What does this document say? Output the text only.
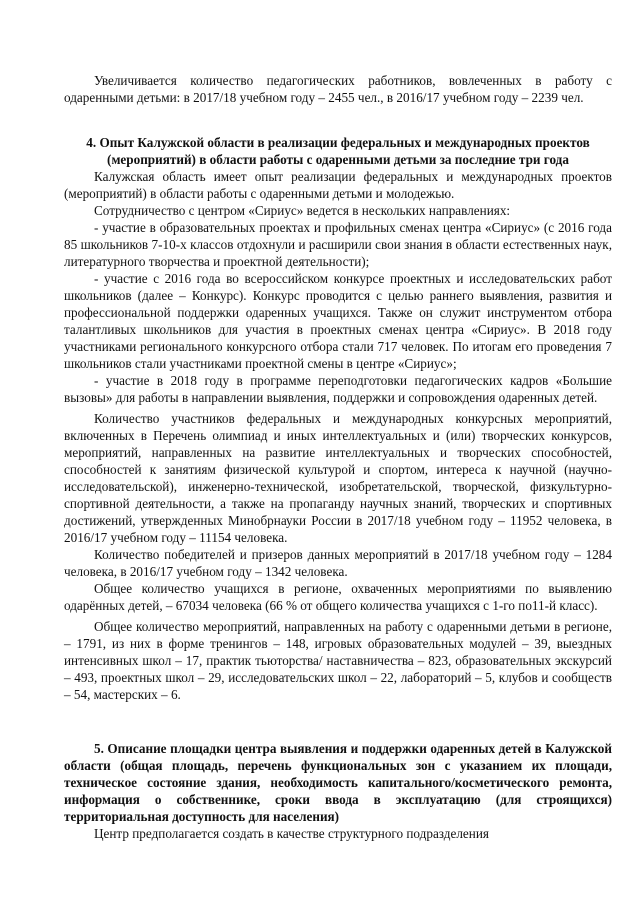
Увеличивается количество педагогических работников, вовлеченных в работу с одаренными детьми: в 2017/18 учебном году – 2455 чел., в 2016/17 учебном году – 2239 чел.

4. Опыт Калужской области в реализации федеральных и международных проектов (мероприятий) в области работы с одаренными детьми за последние три года

Калужская область имеет опыт реализации федеральных и международных проектов (мероприятий) в области работы с одаренными детьми и молодежью.

Сотрудничество с центром «Сириус» ведется в нескольких направлениях:

- участие в образовательных проектах и профильных сменах центра «Сириус» (с 2016 года 85 школьников 7-10-х классов отдохнули и расширили свои знания в области естественных наук, литературного творчества и проектной деятельности);

- участие с 2016 года во всероссийском конкурсе проектных и исследовательских работ школьников (далее – Конкурс). Конкурс проводится с целью раннего выявления, развития и профессиональной поддержки одаренных учащихся. Также он служит инструментом отбора талантливых школьников для участия в проектных сменах центра «Сириус». В 2018 году участниками регионального конкурсного отбора стали 717 человек. По итогам его проведения 7 школьников стали участниками проектной смены в центре «Сириус»;

- участие в 2018 году в программе переподготовки педагогических кадров «Большие вызовы» для работы в направлении выявления, поддержки и сопровождения одаренных детей.

Количество участников федеральных и международных конкурсных мероприятий, включенных в Перечень олимпиад и иных интеллектуальных и (или) творческих конкурсов, мероприятий, направленных на развитие интеллектуальных и творческих способностей, способностей к занятиям физической культурой и спортом, интереса к научной (научно-исследовательской), инженерно-технической, изобретательской, творческой, физкультурно-спортивной деятельности, а также на пропаганду научных знаний, творческих и спортивных достижений, утвержденных Минобрнауки России в 2017/18 учебном году – 11952 человека, в 2016/17 учебном году – 11154 человека.

Количество победителей и призеров данных мероприятий в 2017/18 учебном году – 1284 человека, в 2016/17 учебном году – 1342 человека.

Общее количество учащихся в регионе, охваченных мероприятиями по выявлению одарённых детей, – 67034 человека (66 % от общего количества учащихся с 1-го по11-й класс).

Общее количество мероприятий, направленных на работу с одаренными детьми в регионе, – 1791, из них в форме тренингов – 148, игровых образовательных модулей – 39, выездных интенсивных школ – 17, практик тьюторства/ наставничества – 823, образовательных экскурсий – 493, проектных школ – 29, исследовательских школ – 22, лабораторий – 5, клубов и сообществ – 54, мастерских – 6.

5. Описание площадки центра выявления и поддержки одаренных детей в Калужской области (общая площадь, перечень функциональных зон с указанием их площади, техническое состояние здания, необходимость капитального/косметического ремонта, информация о собственнике, сроки ввода в эксплуатацию (для строящихся) территориальная доступность для населения)

Центр предполагается создать в качестве структурного подразделения
